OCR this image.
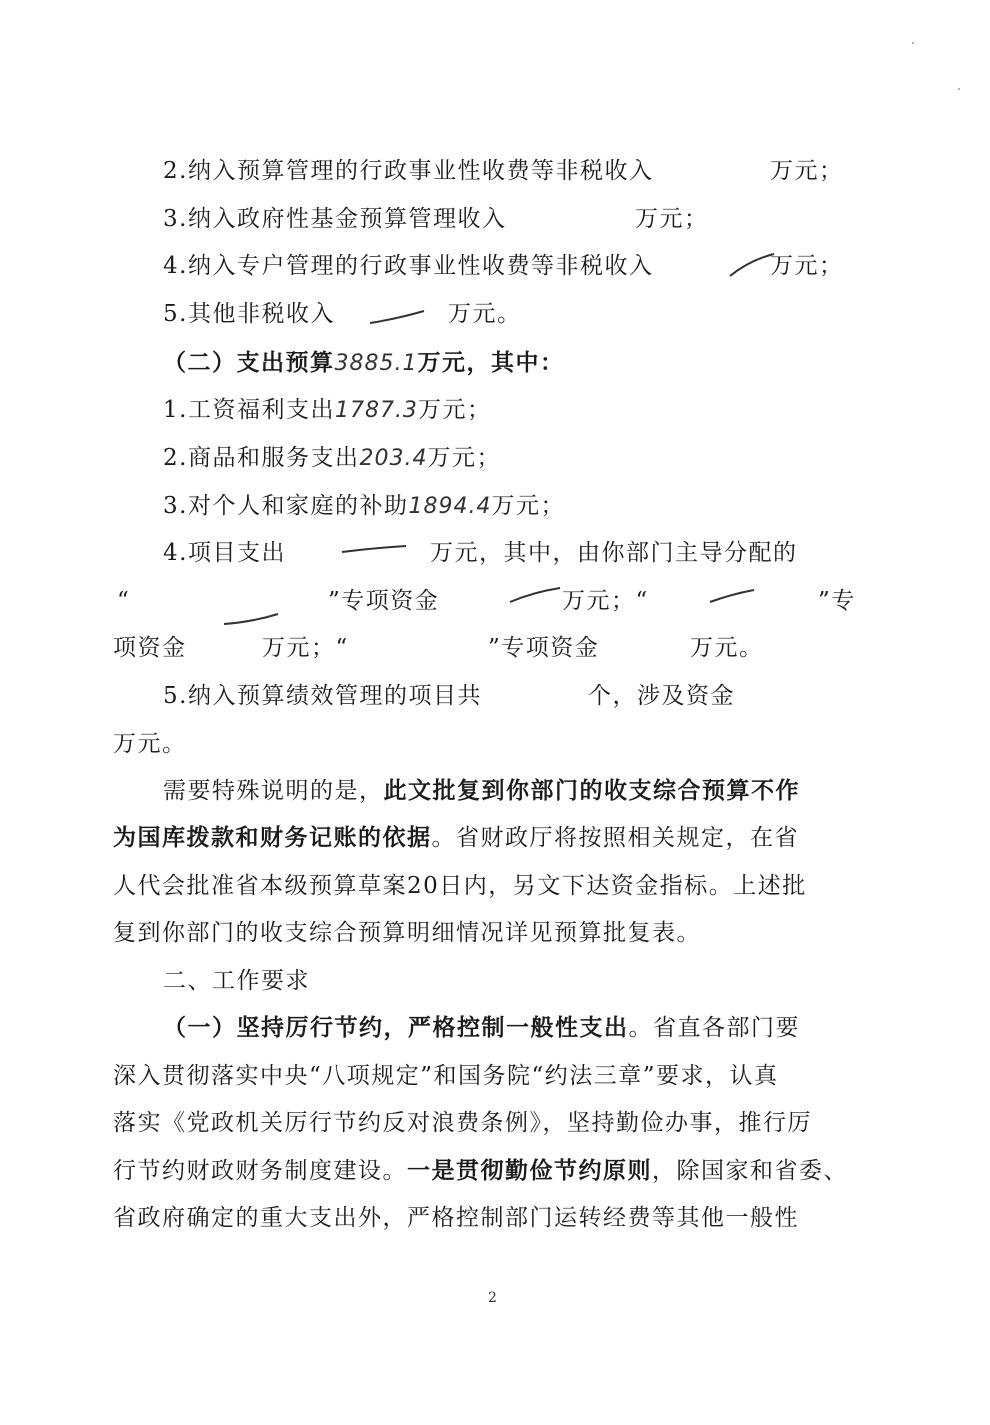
2.纳入预算管理的行政事业性收费等非税收入	万元；
3.纳入政府性基金预算管理收入	万元；
4.纳入专户管理的行政事业性收费等非税收入	万元；
5.其他非税收入	万元。
（二）支出预算3885.1万元，其中：
1.工资福利支出1787.3万元；
2.商品和服务支出203.4万元；
3.对个人和家庭的补助1894.4万元；
4.项目支出	万元，其中，由你部门主导分配的
“	”专项资金	万元；“	”专
项资金	万元；“	”专项资金	万元。
5.纳入预算绩效管理的项目共	个，涉及资金
万元。
需要特殊说明的是，此文批复到你部门的收支综合预算不作
为国库拨款和财务记账的依据。省财政厅将按照相关规定，在省
人代会批准省本级预算草案20日内，另文下达资金指标。上述批
复到你部门的收支综合预算明细情况详见预算批复表。
二、工作要求
（一）坚持厉行节约，严格控制一般性支出。省直各部门要
深入贯彻落实中央“八项规定”和国务院“约法三章”要求，认真
落实《党政机关厉行节约反对浪费条例》，坚持勤俭办事，推行厉
行节约财政财务制度建设。一是贯彻勤俭节约原则，除国家和省委、
省政府确定的重大支出外，严格控制部门运转经费等其他一般性
2
